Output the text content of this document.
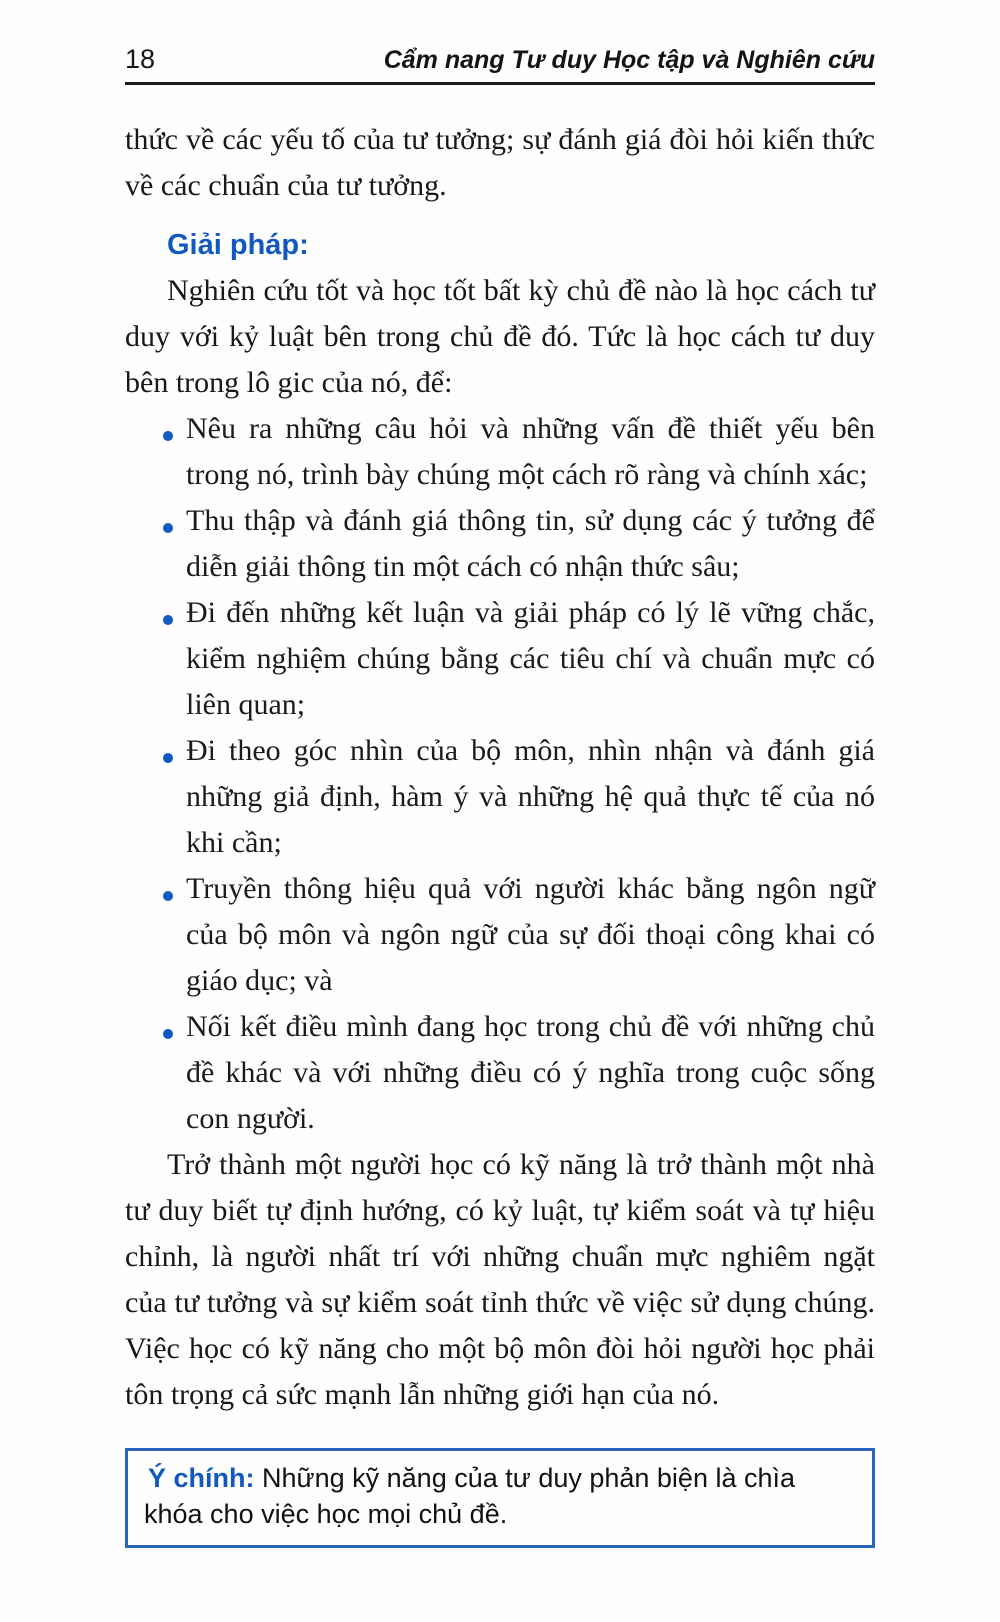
18	Cẩm nang Tư duy Học tập và Nghiên cứu

thức về các yếu tố của tư tưởng; sự đánh giá đòi hỏi kiến thức về các chuẩn của tư tưởng.

Giải pháp:

Nghiên cứu tốt và học tốt bất kỳ chủ đề nào là học cách tư duy với kỷ luật bên trong chủ đề đó. Tức là học cách tư duy bên trong lô gic của nó, để:

Nêu ra những câu hỏi và những vấn đề thiết yếu bên trong nó, trình bày chúng một cách rõ ràng và chính xác;
Thu thập và đánh giá thông tin, sử dụng các ý tưởng để diễn giải thông tin một cách có nhận thức sâu;
Đi đến những kết luận và giải pháp có lý lẽ vững chắc, kiểm nghiệm chúng bằng các tiêu chí và chuẩn mực có liên quan;
Đi theo góc nhìn của bộ môn, nhìn nhận và đánh giá những giả định, hàm ý và những hệ quả thực tế của nó khi cần;
Truyền thông hiệu quả với người khác bằng ngôn ngữ của bộ môn và ngôn ngữ của sự đối thoại công khai có giáo dục; và
Nối kết điều mình đang học trong chủ đề với những chủ đề khác và với những điều có ý nghĩa trong cuộc sống con người.

Trở thành một người học có kỹ năng là trở thành một nhà tư duy biết tự định hướng, có kỷ luật, tự kiểm soát và tự hiệu chỉnh, là người nhất trí với những chuẩn mực nghiêm ngặt của tư tưởng và sự kiểm soát tỉnh thức về việc sử dụng chúng. Việc học có kỹ năng cho một bộ môn đòi hỏi người học phải tôn trọng cả sức mạnh lẫn những giới hạn của nó.

Ý chính: Những kỹ năng của tư duy phản biện là chìa khóa cho việc học mọi chủ đề.
